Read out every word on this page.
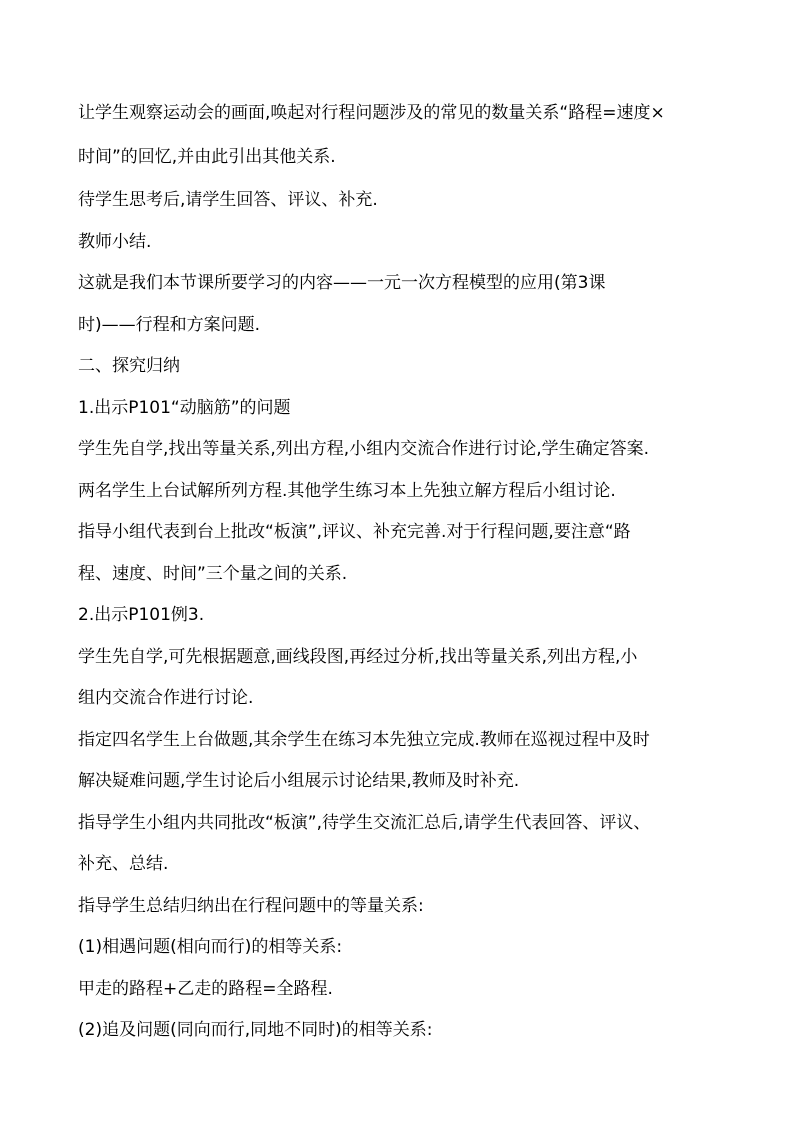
让学生观察运动会的画面,唤起对行程问题涉及的常见的数量关系“路程=速度×
时间”的回忆,并由此引出其他关系.
待学生思考后,请学生回答、评议、补充.
教师小结.
这就是我们本节课所要学习的内容——一元一次方程模型的应用(第3课
时)——行程和方案问题.
二、探究归纳
1.出示P101“动脑筋”的问题
学生先自学,找出等量关系,列出方程,小组内交流合作进行讨论,学生确定答案.
两名学生上台试解所列方程.其他学生练习本上先独立解方程后小组讨论.
指导小组代表到台上批改“板演”,评议、补充完善.对于行程问题,要注意“路
程、速度、时间”三个量之间的关系.
2.出示P101例3.
学生先自学,可先根据题意,画线段图,再经过分析,找出等量关系,列出方程,小
组内交流合作进行讨论.
指定四名学生上台做题,其余学生在练习本先独立完成.教师在巡视过程中及时
解决疑难问题,学生讨论后小组展示讨论结果,教师及时补充.
指导学生小组内共同批改“板演”,待学生交流汇总后,请学生代表回答、评议、
补充、总结.
指导学生总结归纳出在行程问题中的等量关系:
(1)相遇问题(相向而行)的相等关系:
甲走的路程+乙走的路程=全路程.
(2)追及问题(同向而行,同地不同时)的相等关系:
